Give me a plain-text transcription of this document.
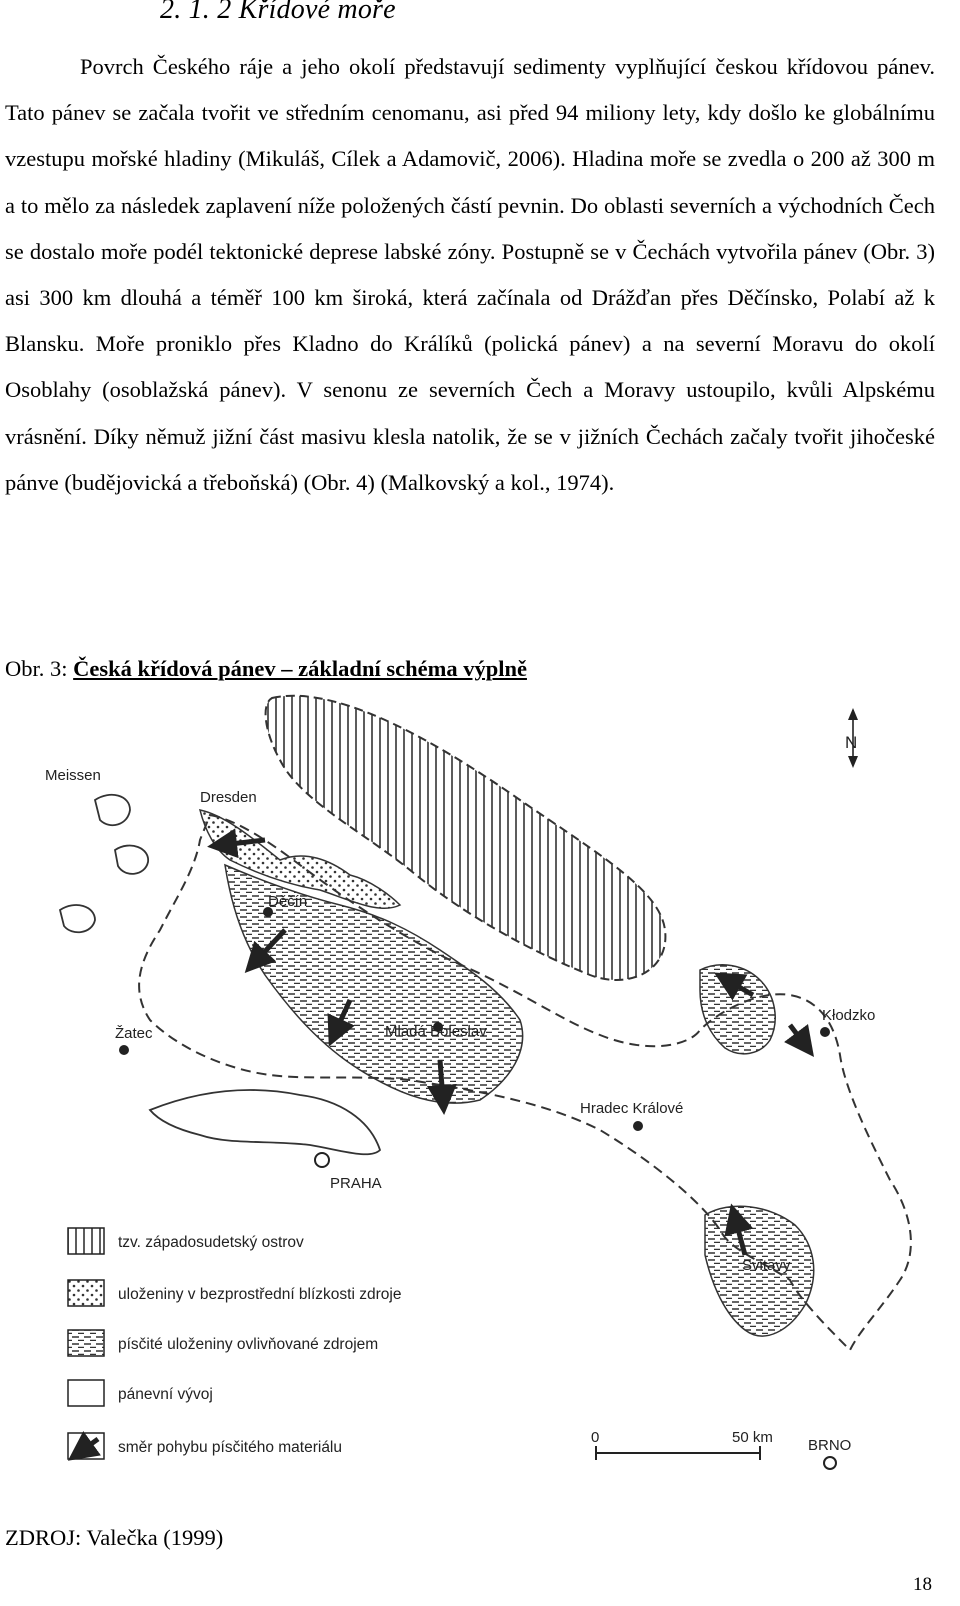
2. 1. 2 Křídové moře

Povrch Českého ráje a jeho okolí představují sedimenty vyplňující českou křídovou pánev. Tato pánev se začala tvořit ve středním cenomanu, asi před 94 miliony lety, kdy došlo ke globálnímu vzestupu mořské hladiny (Mikuláš, Cílek a Adamovič, 2006). Hladina moře se zvedla o 200 až 300 m a to mělo za následek zaplavení níže položených částí pevnin. Do oblasti severních a východních Čech se dostalo moře podél tektonické deprese labské zóny. Postupně se v Čechách vytvořila pánev (Obr. 3) asi 300 km dlouhá a téměř 100 km široká, která začínala od Drážďan přes Děčínsko, Polabí až k Blansku. Moře proniklo přes Kladno do Králíků (polická pánev) a na severní Moravu do okolí Osoblahy (osoblažská pánev). V senonu ze severních Čech a Moravy ustoupilo, kvůli Alpskému vrásnění. Díky němuž jižní část masivu klesla natolik, že se v jižních Čechách začaly tvořit jihočeské pánve (budějovická a třeboňská) (Obr. 4) (Malkovský a kol., 1974).

Obr. 3: Česká křídová pánev – základní schéma výplně

N
Meissen
Dresden
Děčín
Žatec	Mladá Boleslav
Kłodzko
Hradec Králové
PRAHA
Svitavy
BRNO
0	50 km
tzv. západosudetský ostrov
uloženiny v bezprostřední blízkosti zdroje
písčité uloženiny ovlivňované zdrojem
pánevní vývoj
směr pohybu písčitého materiálu

ZDROJ: Valečka (1999)

18
